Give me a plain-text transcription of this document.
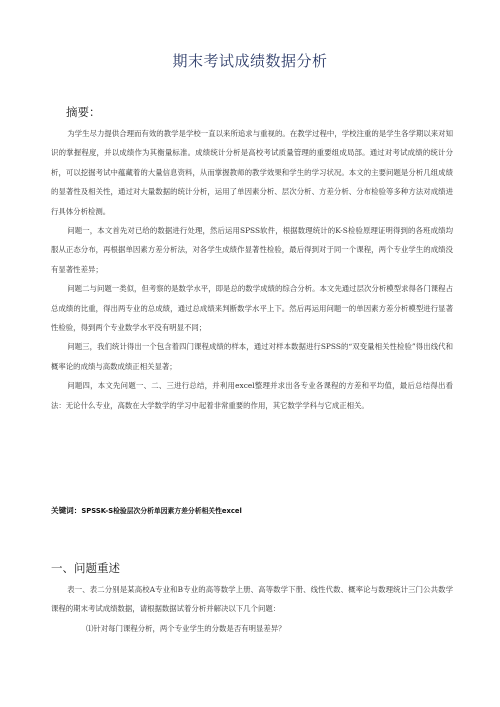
期末考试成绩数据分析
摘要：

为学生尽力提供合理而有效的教学是学校一直以来所追求与重视的。在教学过程中，学校注重的是学生各学期以来对知识的掌握程度，并以成绩作为其衡量标准。成绩统计分析是高校考试质量管理的重要组成局部。通过对考试成绩的统计分析，可以挖掘考试中蕴藏着的大量信息资料，从而掌握教师的教学效果和学生的学习状况。本文的主要问题是分析几组成绩的显著性及相关性，通过对大量数据的统计分析，运用了单因素分析、层次分析、方差分析、分布检验等多种方法对成绩进行具体分析检测。

问题一，本文首先对已给的数据进行处理，然后运用SPSS软件，根据数理统计的K-S检验原理证明得到的各班成绩均服从正态分布，再根据单因素方差分析法，对各学生成绩作显著性检验，最后得到对于同一个课程，两个专业学生的成绩没有显著性差异；

问题二与问题一类似，但考察的是数学水平，即是总的数学成绩的综合分析。本文先通过层次分析模型求得各门课程占总成绩的比重，得出两专业的总成绩，通过总成绩来判断数学水平上下。然后再运用问题一的单因素方差分析模型进行显著性检验，得到两个专业数学水平没有明显不同；

问题三，我们统计得出一个包含着四门课程成绩的样本，通过对样本数据进行SPSS的“双变量相关性检验”得出线代和概率论的成绩与高数成绩正相关显著；

问题四，本文先问题一、二、三进行总结，并利用excel整理并求出各专业各课程的方差和平均值，最后总结得出看法：无论什么专业，高数在大学数学的学习中起着非常重要的作用，其它数学学科与它成正相关。

关键词：SPSSK-S检验层次分析单因素方差分析相关性excel
一、问题重述

表一、表二分别是某高校A专业和B专业的高等数学上册、高等数学下册、线性代数、概率论与数理统计三门公共数学课程的期末考试成绩数据，请根据数据试着分析并解决以下几个问题：

⑴针对每门课程分析，两个专业学生的分数是否有明显差异？
